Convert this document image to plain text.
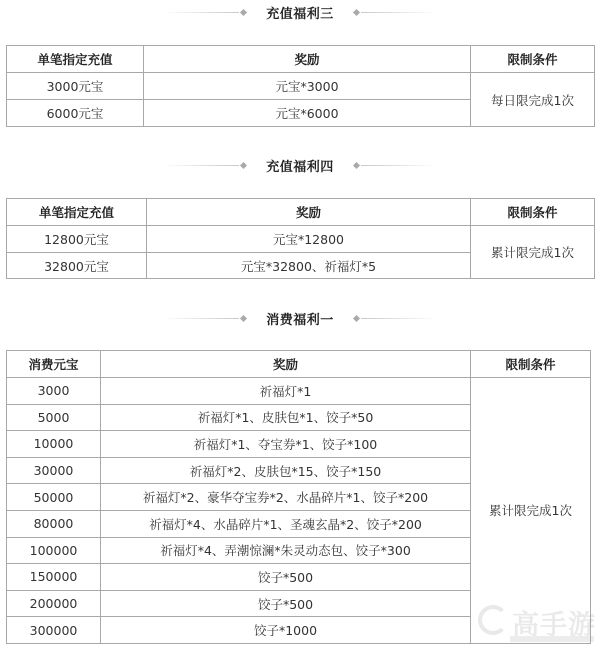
充值福利三
单笔指定充值	奖励	限制条件
3000元宝	元宝*3000	每日限完成1次
6000元宝	元宝*6000	
充值福利四
单笔指定充值	奖励	限制条件
12800元宝	元宝*12800	累计限完成1次
32800元宝	元宝*32800、祈福灯*5	
消费福利一
消费元宝	奖励	限制条件
3000	祈福灯*1	累计限完成1次
5000	祈福灯*1、皮肤包*1、饺子*50	
10000	祈福灯*1、夺宝券*1、饺子*100	
30000	祈福灯*2、皮肤包*15、饺子*150	
50000	祈福灯*2、豪华夺宝券*2、水晶碎片*1、饺子*200	
80000	祈福灯*4、水晶碎片*1、圣魂玄晶*2、饺子*200	
100000	祈福灯*4、弄潮惊澜*朱灵动态包、饺子*300	
150000	饺子*500	
200000	饺子*500	
300000	饺子*1000		高手游
